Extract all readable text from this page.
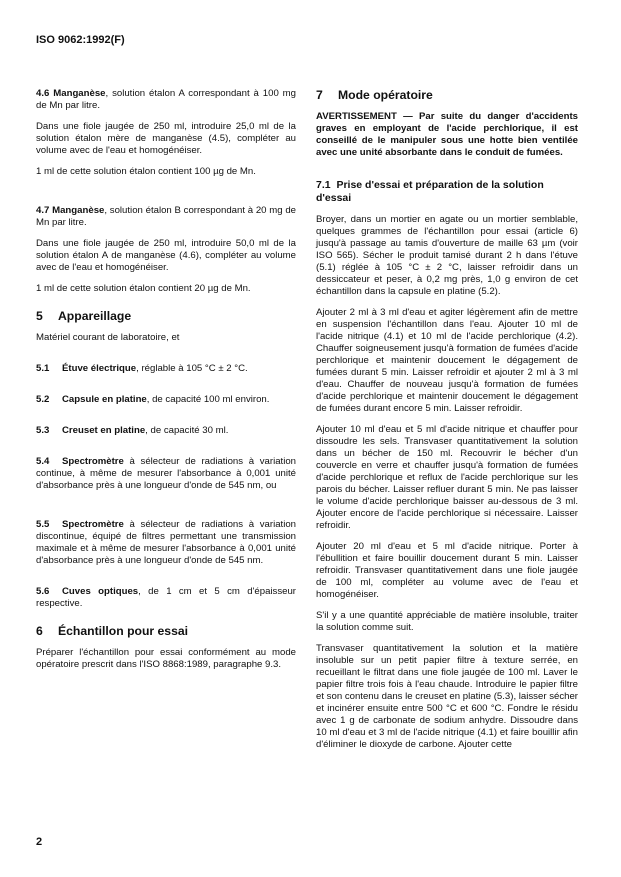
ISO 9062:1992(F)

4.6 Manganèse, solution étalon A correspondant à 100 mg de Mn par litre.

Dans une fiole jaugée de 250 ml, introduire 25,0 ml de la solution étalon mère de manganèse (4.5), compléter au volume avec de l'eau et homogénéiser.

1 ml de cette solution étalon contient 100 µg de Mn.

4.7 Manganèse, solution étalon B correspondant à 20 mg de Mn par litre.

Dans une fiole jaugée de 250 ml, introduire 50,0 ml de la solution étalon A de manganèse (4.6), compléter au volume avec de l'eau et homogénéiser.

1 ml de cette solution étalon contient 20 µg de Mn.

5 Appareillage

Matériel courant de laboratoire, et

5.1 Étuve électrique, réglable à 105 °C ± 2 °C.

5.2 Capsule en platine, de capacité 100 ml environ.

5.3 Creuset en platine, de capacité 30 ml.

5.4 Spectromètre à sélecteur de radiations à variation continue, à même de mesurer l'absorbance à 0,001 unité d'absorbance près à une longueur d'onde de 545 nm, ou

5.5 Spectromètre à sélecteur de radiations à variation discontinue, équipé de filtres permettant une transmission maximale et à même de mesurer l'absorbance à 0,001 unité d'absorbance près à une longueur d'onde de 545 nm.

5.6 Cuves optiques, de 1 cm et 5 cm d'épaisseur respective.

6 Échantillon pour essai

Préparer l'échantillon pour essai conformément au mode opératoire prescrit dans l'ISO 8868:1989, paragraphe 9.3.

7 Mode opératoire

AVERTISSEMENT — Par suite du danger d'accidents graves en employant de l'acide perchlorique, il est conseillé de le manipuler sous une hotte bien ventilée avec une unité absorbante dans le conduit de fumées.

7.1 Prise d'essai et préparation de la solution d'essai

Broyer, dans un mortier en agate ou un mortier semblable, quelques grammes de l'échantillon pour essai (article 6) jusqu'à passage au tamis d'ouverture de maille 63 µm (voir ISO 565). Sécher le produit tamisé durant 2 h dans l'étuve (5.1) réglée à 105 °C ± 2 °C, laisser refroidir dans un dessiccateur et peser, à 0,2 mg près, 1,0 g environ de cet échantillon dans la capsule en platine (5.2).

Ajouter 2 ml à 3 ml d'eau et agiter légèrement afin de mettre en suspension l'échantillon dans l'eau. Ajouter 10 ml de l'acide nitrique (4.1) et 10 ml de l'acide perchlorique (4.2). Chauffer soigneusement jusqu'à formation de fumées d'acide perchlorique et maintenir doucement le dégagement de fumées durant 5 min. Laisser refroidir et ajouter 2 ml à 3 ml d'eau. Chauffer de nouveau jusqu'à formation de fumées d'acide perchlorique et maintenir doucement le dégagement de fumées durant encore 5 min. Laisser refroidir.

Ajouter 10 ml d'eau et 5 ml d'acide nitrique et chauffer pour dissoudre les sels. Transvaser quantitativement la solution dans un bécher de 150 ml. Recouvrir le bécher d'un couvercle en verre et chauffer jusqu'à formation de fumées d'acide perchlorique et reflux de l'acide perchlorique sur les parois du bécher. Laisser refluer durant 5 min. Ne pas laisser le volume d'acide perchlorique baisser au-dessous de 3 ml. Ajouter encore de l'acide perchlorique si nécessaire. Laisser refroidir.

Ajouter 20 ml d'eau et 5 ml d'acide nitrique. Porter à l'ébullition et faire bouillir doucement durant 5 min. Laisser refroidir. Transvaser quantitativement dans une fiole jaugée de 100 ml, compléter au volume avec de l'eau et homogénéiser.

S'il y a une quantité appréciable de matière insoluble, traiter la solution comme suit.

Transvaser quantitativement la solution et la matière insoluble sur un petit papier filtre à texture serrée, en recueillant le filtrat dans une fiole jaugée de 100 ml. Laver le papier filtre trois fois à l'eau chaude. Introduire le papier filtre et son contenu dans le creuset en platine (5.3), laisser sécher et incinérer ensuite entre 500 °C et 600 °C. Fondre le résidu avec 1 g de carbonate de sodium anhydre. Dissoudre dans 10 ml d'eau et 3 ml de l'acide nitrique (4.1) et faire bouillir afin d'éliminer le dioxyde de carbone. Ajouter cette

2
